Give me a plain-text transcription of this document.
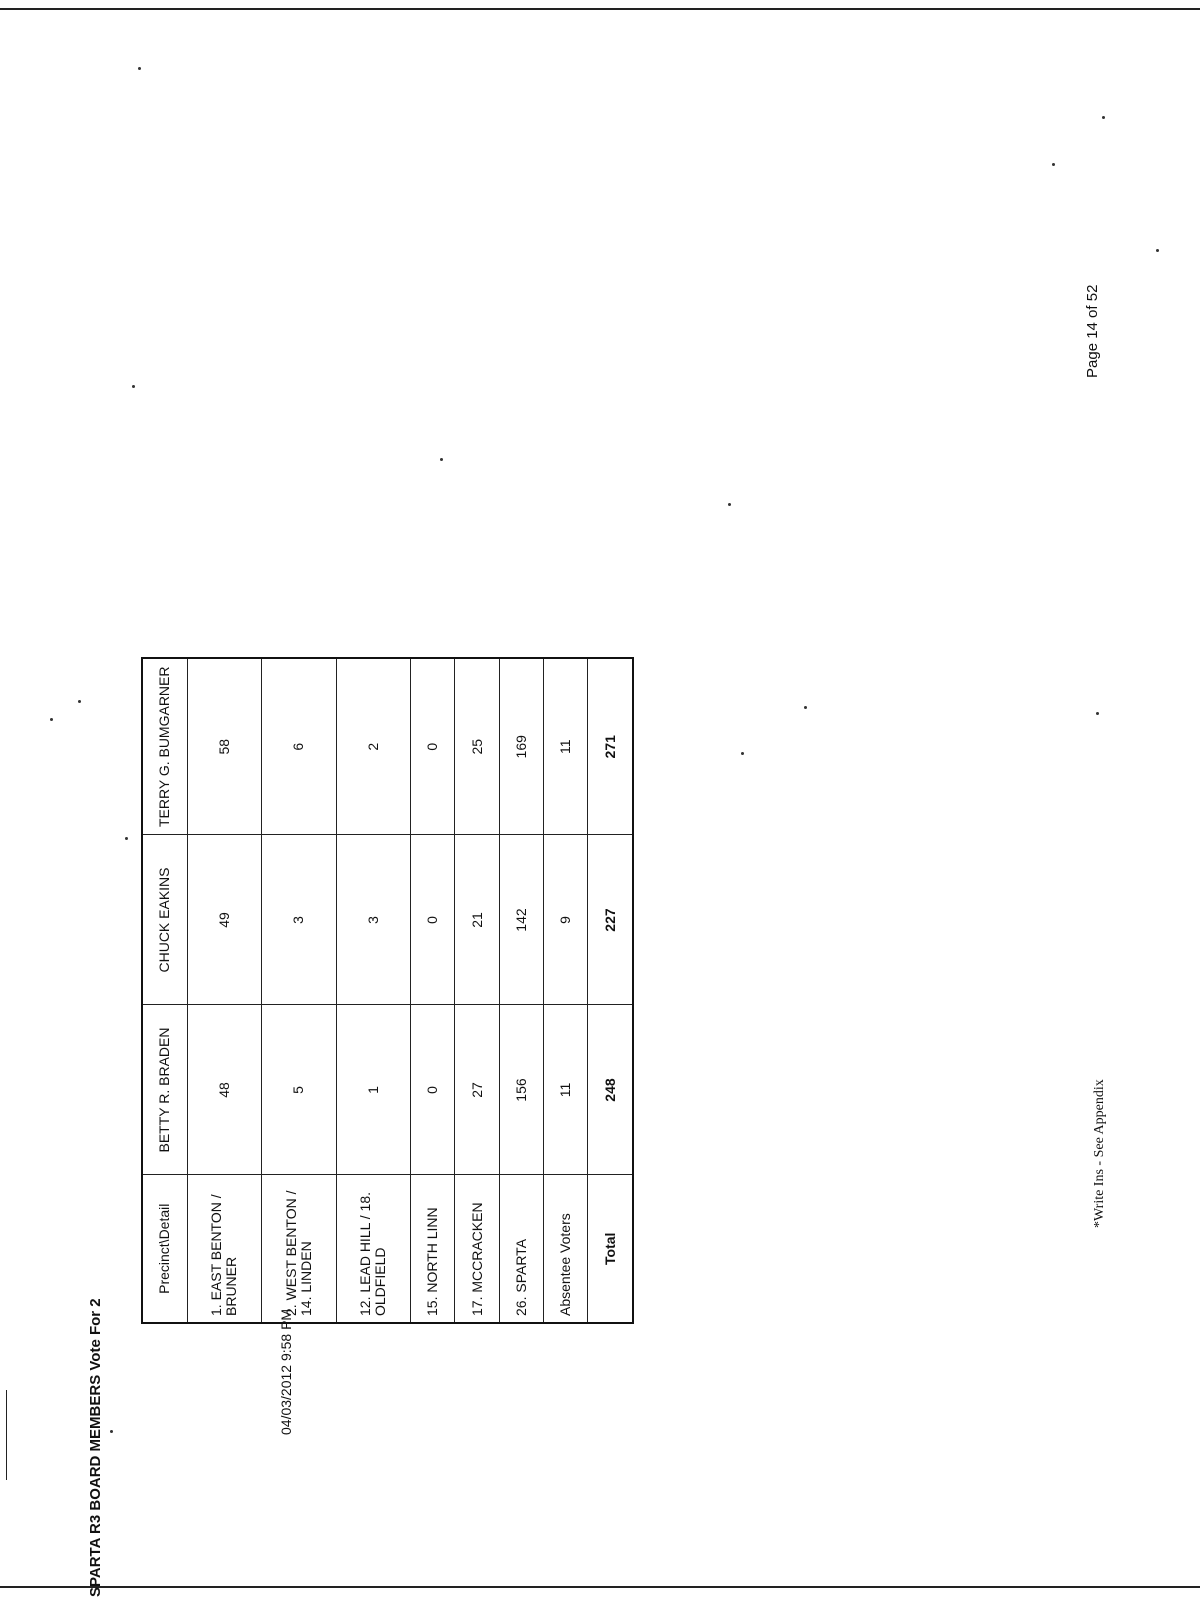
SPARTA R3 BOARD MEMBERS Vote For 2
Precinct\Detail	BETTY R. BRADEN	CHUCK EAKINS	TERRY G. BUMGARNER
1. EAST BENTON / BRUNER	48	49	58
2. WEST BENTON / 14. LINDEN	5	3	6
12. LEAD HILL / 18. OLDFIELD	1	3	2
15. NORTH LINN	0	0	0
17. MCCRACKEN	27	21	25
26. SPARTA	156	142	169
Absentee Voters	11	9	11
Total	248	227	271
04/03/2012 9:58 PM
*Write Ins - See Appendix
Page 14 of 52
